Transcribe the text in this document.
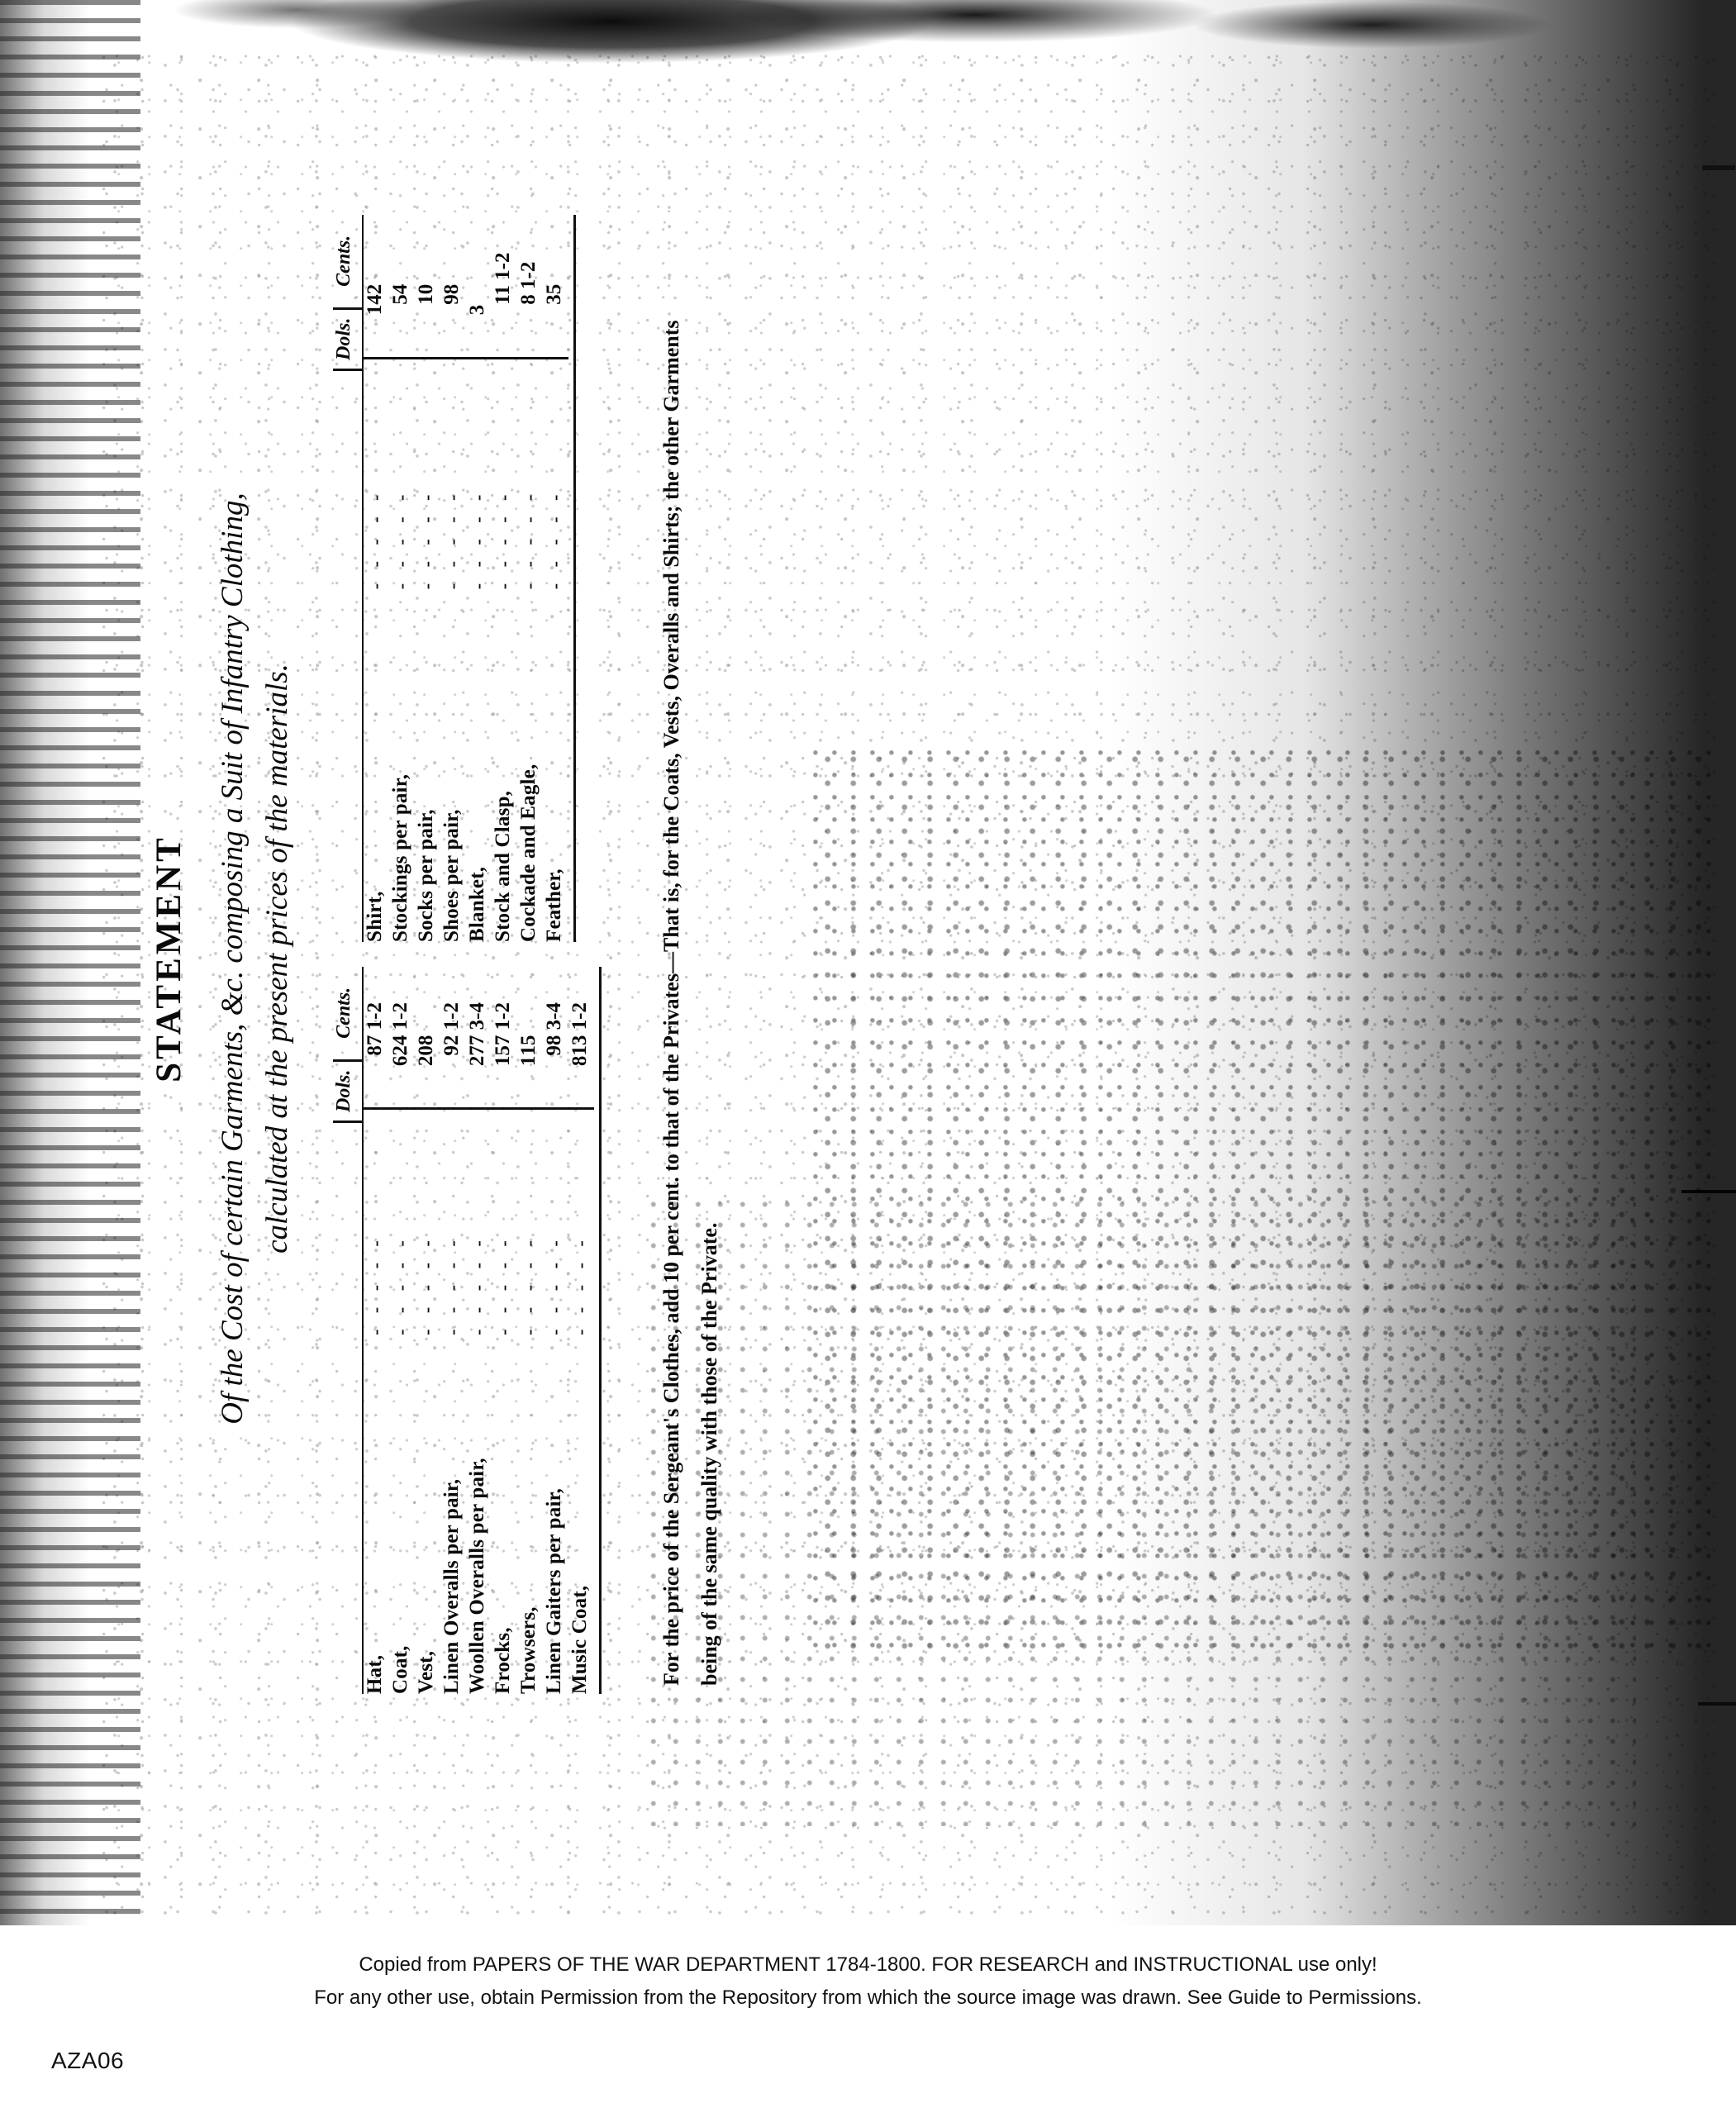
STATEMENT Of the Cost of certain Garments, &c. composing a Suit of Infantry Clothing, calculated at the present prices of the materials.
		Dols.	Cents.
Hat,	- - - - -		87 1-2
Coat,	- - - - -	6	24 1-2
Vest,	- - - - -	2	08
Linen Overalls per pair,	- - - - -		92 1-2
Woollen Overalls per pair,	- - - - -	2	77 3-4
Frocks,	- - - - -	1	57 1-2
Trowsers,	- - - - -	1	15
Linen Gaiters per pair,	- - - - -		98 3-4
Music Coat,	- - - - -	8	13 1-2
		Dols.	Cents.
Shirt,	- - - - -	1	42
Stockings per pair,	- - - - -		54
Socks per pair,	- - - - -		10
Shoes per pair,	- - - - -		98
Blanket,	- - - - -	3	
Stock and Clasp,	- - - - -		11 1-2
Cockade and Eagle,	- - - - -		8 1-2
Feather,	- - - - -		35
For the price of the Sergeant's Clothes, add 10 per cent. to that of the Privates—That is, for the Coats, Vests, Overalls and Shirts; the other Garments being of the same quality with those of the Private.
Copied from PAPERS OF THE WAR DEPARTMENT 1784-1800. FOR RESEARCH and INSTRUCTIONAL use only!
For any other use, obtain Permission from the Repository from which the source image was drawn. See Guide to Permissions.
AZA06
